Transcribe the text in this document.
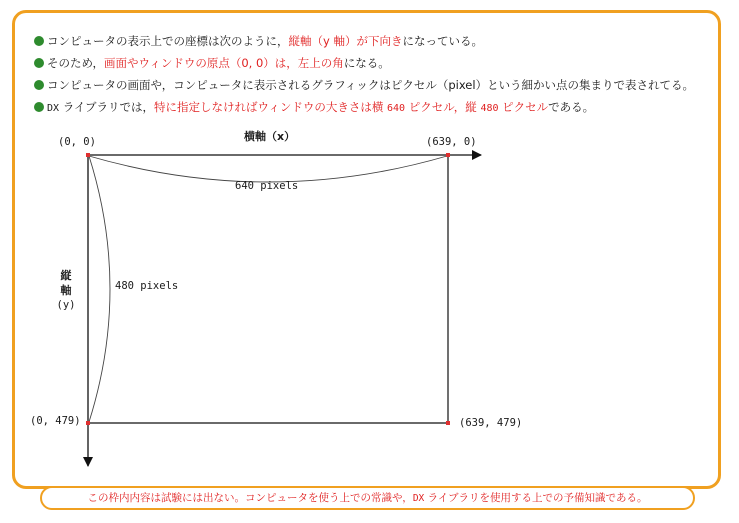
コンピュータの表示上での座標は次のように，縦軸（y 軸）が下向きになっている。
そのため，画面やウィンドウの原点（0, 0）は，左上の角になる。
コンピュータの画面や，コンピュータに表示されるグラフィックはピクセル（pixel）という細かい点の集まりで表されてる。
DX ライブラリでは，特に指定しなければウィンドウの大きさは横 640 ピクセル，縦 480 ピクセルである。
横軸（x）
縦
軸
(y)
(0, 0)	(639, 0)
(0, 479)	(639, 479)
640 pixels
480 pixels
この枠内内容は試験には出ない。コンピュータを使う上での常識や，DX ライブラリを使用する上での予備知識である。
